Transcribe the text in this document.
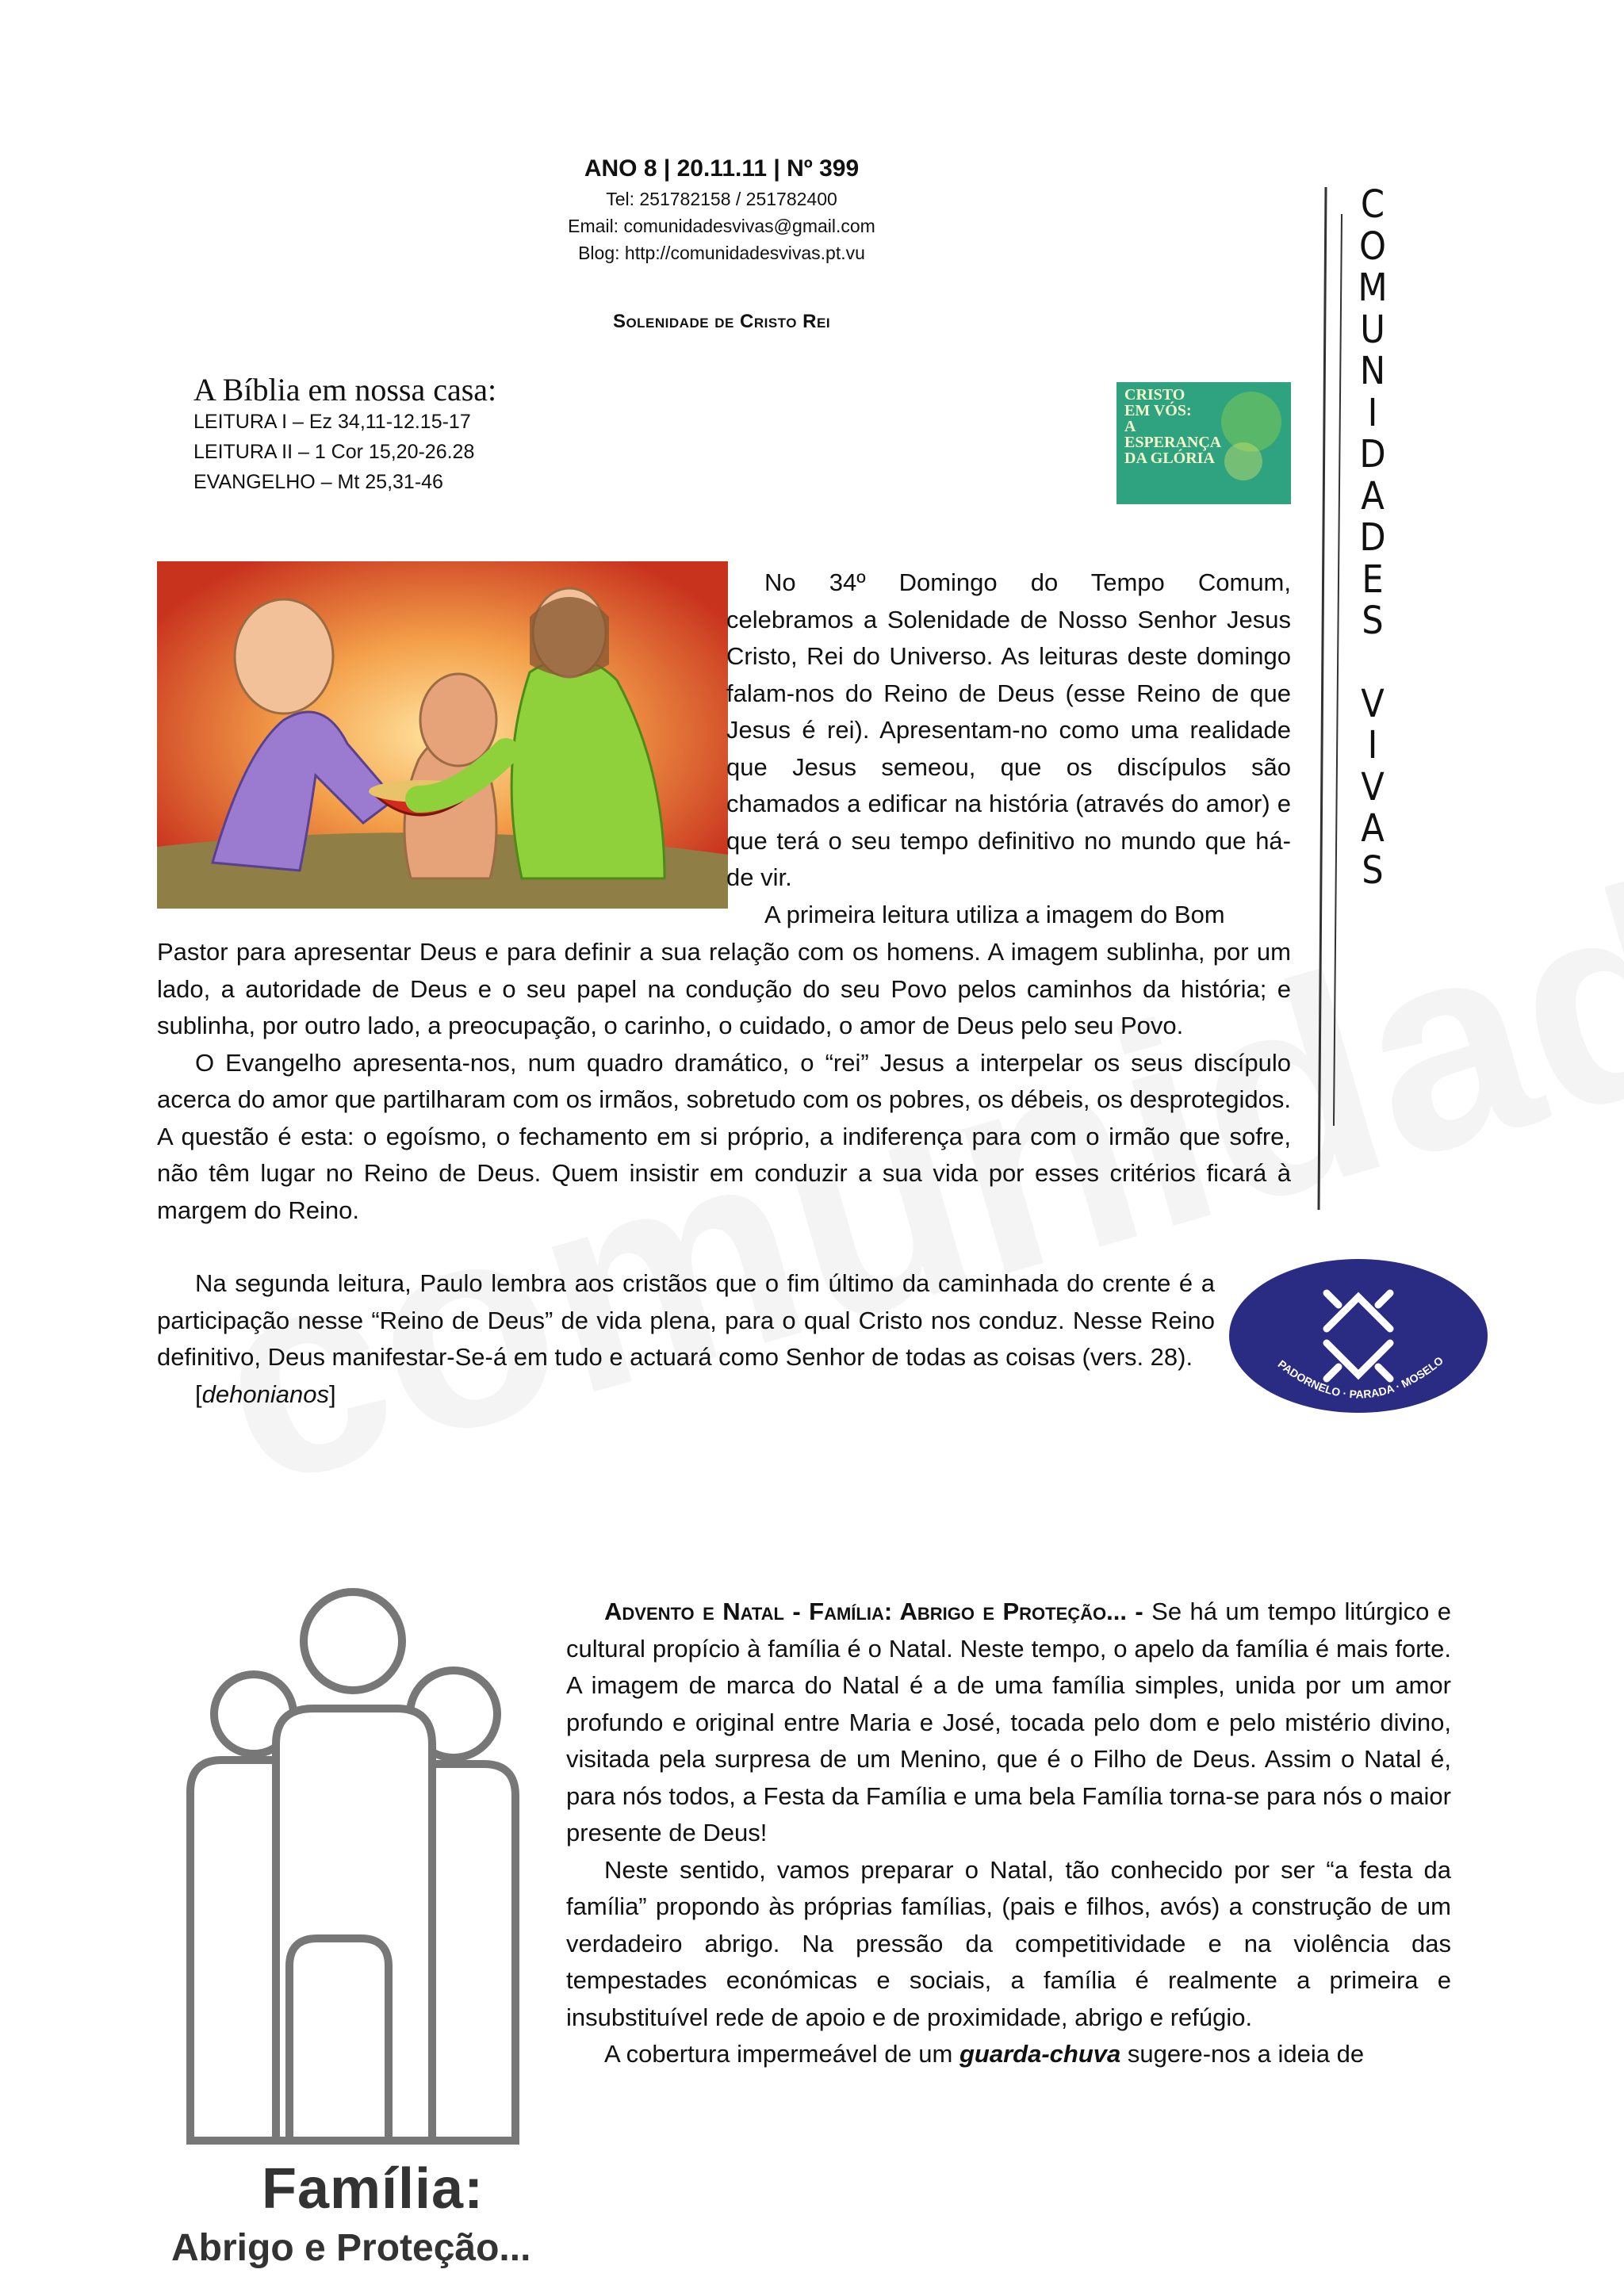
ANO 8 | 20.11.11 | Nº 399
Tel: 251782158 / 251782400
Email: comunidadesvivas@gmail.com
Blog: http://comunidadesvivas.pt.vu
Solenidade de Cristo Rei
C
O
M
U
N
I
D
A
D
E
S
V
I
V
A
S
A Bíblia em nossa casa:
LEITURA I – Ez 34,11-12.15-17
LEITURA II – 1 Cor 15,20-26.28
EVANGELHO – Mt 25,31-46
CRISTO
EM VÓS:
A
ESPERANÇA
DA GLÓRIA

No 34º Domingo do Tempo Comum, celebramos a Solenidade de Nosso Senhor Jesus Cristo, Rei do Universo. As leituras deste domingo falam-nos do Reino de Deus (esse Reino de que Jesus é rei). Apresentam-no como uma realidade que Jesus semeou, que os discípulos são chamados a edificar na história (através do amor) e que terá o seu tempo definitivo no mundo que há-de vir.

A primeira leitura utiliza a imagem do Bom

Pastor para apresentar Deus e para definir a sua relação com os homens. A imagem sublinha, por um lado, a autoridade de Deus e o seu papel na condução do seu Povo pelos caminhos da história; e sublinha, por outro lado, a preocupação, o carinho, o cuidado, o amor de Deus pelo seu Povo.

O Evangelho apresenta-nos, num quadro dramático, o “rei” Jesus a interpelar os seus discípulo acerca do amor que partilharam com os irmãos, sobretudo com os pobres, os débeis, os desprotegidos. A questão é esta: o egoísmo, o fechamento em si próprio, a indiferença para com o irmão que sofre, não têm lugar no Reino de Deus. Quem insistir em conduzir a sua vida por esses critérios ficará à margem do Reino.

Na segunda leitura, Paulo lembra aos cristãos que o fim último da caminhada do crente é a participação nesse “Reino de Deus” de vida plena, para o qual Cristo nos conduz. Nesse Reino definitivo, Deus manifestar-Se-á em tudo e actuará como Senhor de todas as coisas (vers. 28).

[dehonianos]

PADORNELO · PARADA · MOSELO
Família:
Abrigo e Proteção...

Advento e Natal - Família: Abrigo e Proteção... - Se há um tempo litúrgico e cultural propício à família é o Natal. Neste tempo, o apelo da família é mais forte. A imagem de marca do Natal é a de uma família simples, unida por um amor profundo e original entre Maria e José, tocada pelo dom e pelo mistério divino, visitada pela surpresa de um Menino, que é o Filho de Deus. Assim o Natal é, para nós todos, a Festa da Família e uma bela Família torna-se para nós o maior presente de Deus!

Neste sentido, vamos preparar o Natal, tão conhecido por ser “a festa da família” propondo às próprias famílias, (pais e filhos, avós) a construção de um verdadeiro abrigo. Na pressão da competitividade e na violência das tempestades económicas e sociais, a família é realmente a primeira e insubstituível rede de apoio e de proximidade, abrigo e refúgio.

A cobertura impermeável de um guarda-chuva sugere-nos a ideia de
